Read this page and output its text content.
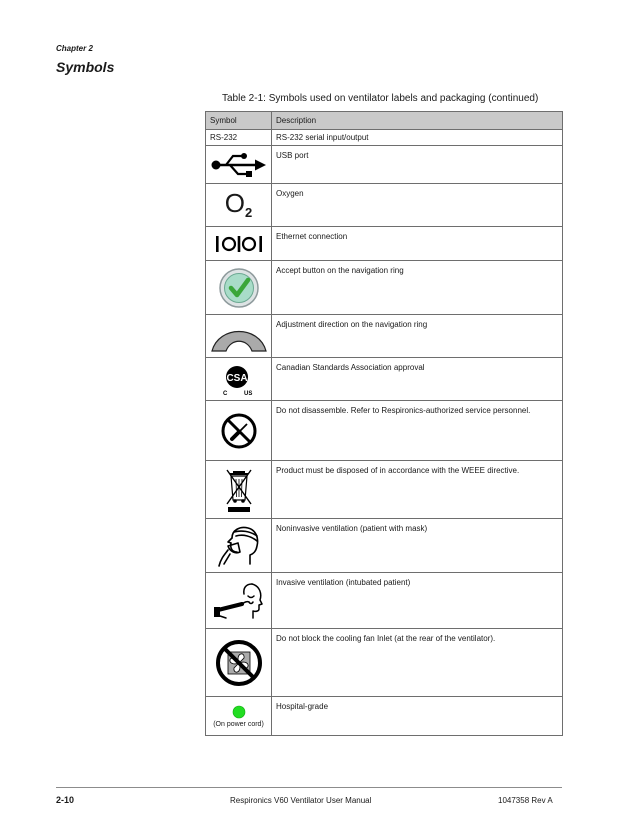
Chapter 2
Symbols
Table 2-1: Symbols used on ventilator labels and packaging (continued)
Symbol	Description
RS-232	RS-232 serial input/output

	USB port
O2	Oxygen

	Ethernet connection

	Accept button on the navigation ring

	Adjustment direction on the navigation ring

CSA
C US	Canadian Standards Association approval

	Do not disassemble. Refer to Respironics-authorized service personnel.

	Product must be disposed of in accordance with the WEEE directive.

	Noninvasive ventilation (patient with mask)

	Invasive ventilation (intubated patient)

	Do not block the cooling fan Inlet (at the rear of the ventilator).

(On power cord)	Hospital-grade
2-10	Respironics V60 Ventilator User Manual	1047358 Rev A
